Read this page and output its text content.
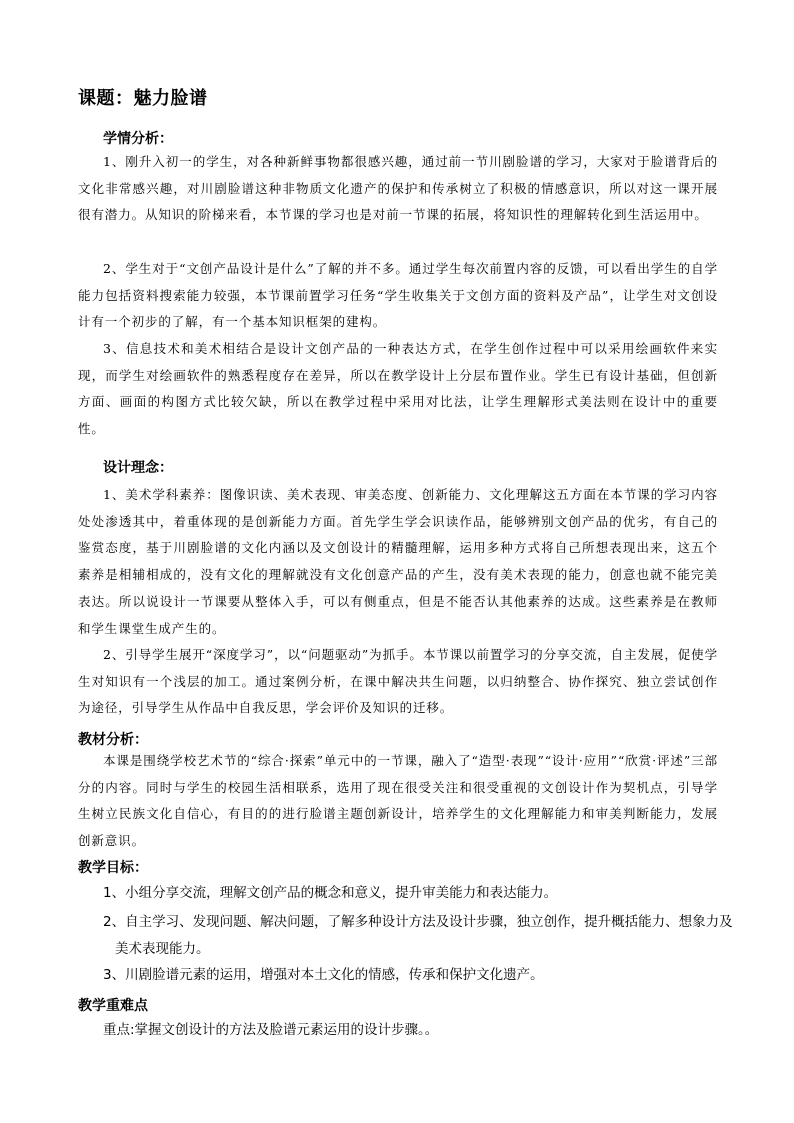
课题：魅力脸谱
学情分析：

1、刚升入初一的学生，对各种新鲜事物都很感兴趣，通过前一节川剧脸谱的学习，大家对于脸谱背后的文化非常感兴趣，对川剧脸谱这种非物质文化遗产的保护和传承树立了积极的情感意识，所以对这一课开展很有潜力。从知识的阶梯来看，本节课的学习也是对前一节课的拓展，将知识性的理解转化到生活运用中。

2、学生对于“文创产品设计是什么”了解的并不多。通过学生每次前置内容的反馈，可以看出学生的自学能力包括资料搜索能力较强，本节课前置学习任务“学生收集关于文创方面的资料及产品”，让学生对文创设计有一个初步的了解，有一个基本知识框架的建构。

3、信息技术和美术相结合是设计文创产品的一种表达方式，在学生创作过程中可以采用绘画软件来实现，而学生对绘画软件的熟悉程度存在差异，所以在教学设计上分层布置作业。学生已有设计基础，但创新方面、画面的构图方式比较欠缺，所以在教学过程中采用对比法，让学生理解形式美法则在设计中的重要性。

设计理念：

1、美术学科素养：图像识读、美术表现、审美态度、创新能力、文化理解这五方面在本节课的学习内容处处渗透其中，着重体现的是创新能力方面。首先学生学会识读作品，能够辨别文创产品的优劣，有自己的鉴赏态度，基于川剧脸谱的文化内涵以及文创设计的精髓理解，运用多种方式将自己所想表现出来，这五个素养是相辅相成的，没有文化的理解就没有文化创意产品的产生，没有美术表现的能力，创意也就不能完美表达。所以说设计一节课要从整体入手，可以有侧重点，但是不能否认其他素养的达成。这些素养是在教师和学生课堂生成产生的。

2、引导学生展开“深度学习”，以“问题驱动”为抓手。本节课以前置学习的分享交流，自主发展，促使学生对知识有一个浅层的加工。通过案例分析，在课中解决共生问题，以归纳整合、协作探究、独立尝试创作为途径，引导学生从作品中自我反思，学会评价及知识的迁移。

教材分析：

本课是围绕学校艺术节的“综合·探索”单元中的一节课，融入了“造型·表现”“设计·应用”“欣赏·评述”三部分的内容。同时与学生的校园生活相联系，选用了现在很受关注和很受重视的文创设计作为契机点，引导学生树立民族文化自信心，有目的的进行脸谱主题创新设计，培养学生的文化理解能力和审美判断能力，发展创新意识。

教学目标：

1、小组分享交流，理解文创产品的概念和意义，提升审美能力和表达能力。

2、自主学习、发现问题、解决问题，了解多种设计方法及设计步骤，独立创作，提升概括能力、想象力及美术表现能力。

3、川剧脸谱元素的运用，增强对本土文化的情感，传承和保护文化遗产。

教学重难点

重点:掌握文创设计的方法及脸谱元素运用的设计步骤。。
